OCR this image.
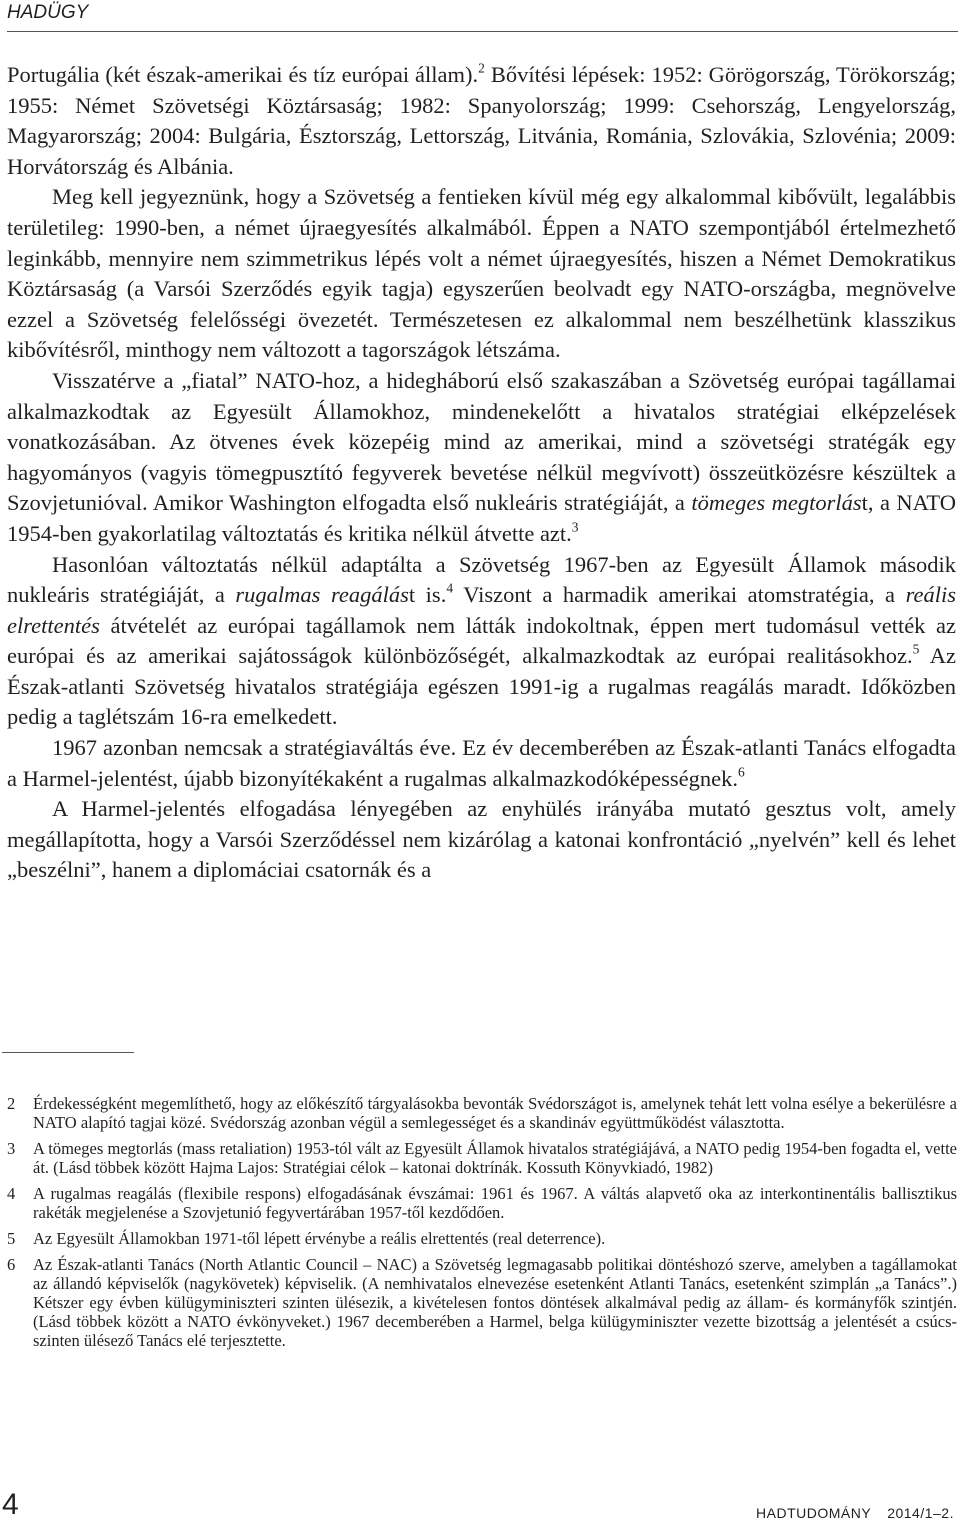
HADÜGY

Portugália (két észak-amerikai és tíz európai állam).$^2$ Bővítési lépések: 1952: Görögország, Törökország; 1955: Német Szövetségi Köztársaság; 1982: Spanyolország; 1999: Csehország, Lengyelország, Magyarország; 2004: Bulgária, Észtország, Lettország, Litvánia, Románia, Szlovákia, Szlovénia; 2009: Horvátország és Albánia.

Meg kell jegyeznünk, hogy a Szövetség a fentieken kívül még egy alkalommal kibővült, legalábbis területileg: 1990-ben, a német újraegyesítés alkalmából. Éppen a NATO szempontjából értelmezhető leginkább, mennyire nem szimmetrikus lépés volt a német újraegyesítés, hiszen a Német Demokratikus Köztársaság (a Varsói Szerződés egyik tagja) egyszerűen beolvadt egy NATO-országba, megnövelve ezzel a Szövetség felelősségi övezetét. Természetesen ez alkalommal nem beszélhetünk klasszikus kibővítésről, minthogy nem változott a tagországok létszáma.

Visszatérve a „fiatal” NATO-hoz, a hidegháború első szakaszában a Szövetség európai tagállamai alkalmazkodtak az Egyesült Államokhoz, mindenekelőtt a hivatalos stratégiai elképzelések vonatkozásában. Az ötvenes évek közepéig mind az amerikai, mind a szövetségi stratégák egy hagyományos (vagyis tömegpusztító fegyverek bevetése nélkül megvívott) összeütközésre készültek a Szovjetunióval. Amikor Washington elfogadta első nukleáris stratégiáját, a tömeges megtorlást, a NATO 1954-ben gyakorlatilag változtatás és kritika nélkül átvette azt.$^3$

Hasonlóan változtatás nélkül adaptálta a Szövetség 1967-ben az Egyesült Államok második nukleáris stratégiáját, a rugalmas reagálást is.$^4$ Viszont a harmadik amerikai atomstratégia, a reális elrettentés átvételét az európai tagállamok nem látták indokoltnak, éppen mert tudomásul vették az európai és az amerikai sajátosságok különbözőségét, alkalmazkodtak az európai realitásokhoz.$^5$ Az Észak-atlanti Szövetség hivatalos stratégiája egészen 1991-ig a rugalmas reagálás maradt. Időközben pedig a taglétszám 16-ra emelkedett.

1967 azonban nemcsak a stratégiaváltás éve. Ez év decemberében az Észak-atlanti Tanács elfogadta a Harmel-jelentést, újabb bizonyítékaként a rugalmas alkalmazkodóképességnek.$^6$

A Harmel-jelentés elfogadása lényegében az enyhülés irányába mutató gesztus volt, amely megállapította, hogy a Varsói Szerződéssel nem kizárólag a katonai konfrontáció „nyelvén” kell és lehet „beszélni”, hanem a diplomáciai csatornák és a

2 Érdekességként megemlíthető, hogy az előkészítő tárgyalásokba bevonták Svédországot is, amelynek tehát lett volna esélye a bekerülésre a NATO alapító tagjai közé. Svédország azonban végül a semlegességet és a skandináv együttműködést választotta.
3 A tömeges megtorlás (mass retaliation) 1953-tól vált az Egyesült Államok hivatalos stratégiájává, a NATO pedig 1954-ben fogadta el, vette át. (Lásd többek között Hajma Lajos: Stratégiai célok – katonai doktrínák. Kossuth Könyvkiadó, 1982)
4 A rugalmas reagálás (flexibile respons) elfogadásának évszámai: 1961 és 1967. A váltás alapvető oka az interkontinentális ballisztikus rakéták megjelenése a Szovjetunió fegyvertárában 1957-től kezdődően.
5 Az Egyesült Államokban 1971-től lépett érvénybe a reális elrettentés (real deterrence).
6 Az Észak-atlanti Tanács (North Atlantic Council – NAC) a Szövetség legmagasabb politikai döntéshozó szerve, amelyben a tagállamokat az állandó képviselők (nagykövetek) képviselik. (A nemhivatalos elnevezése esetenként Atlanti Tanács, esetenként szimplán „a Tanács”.) Kétszer egy évben külügyminiszteri szinten ülésezik, a kivételesen fontos döntések alkalmával pedig az állam- és kormányfők szintjén. (Lásd többek között a NATO évkönyveket.) 1967 decemberében a Harmel, belga külügyminiszter vezette bizottság a jelentését a csúcs-szinten ülésező Tanács elé terjesztette.
4	HADTUDOMÁNY 2014/1–2.
